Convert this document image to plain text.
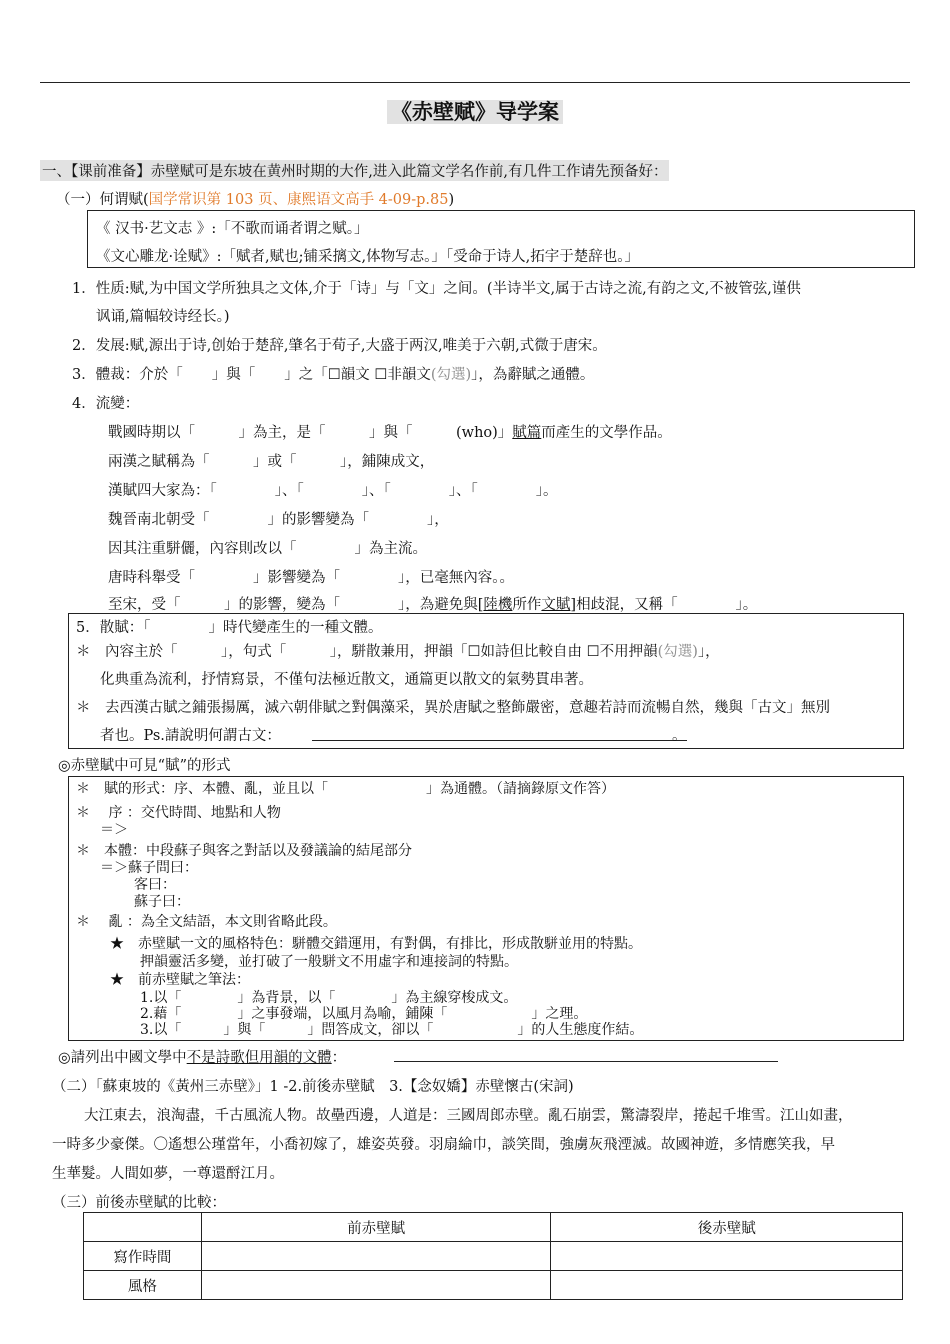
《赤壁赋》导学案
一、【课前准备】赤壁赋可是东坡在黄州时期的大作,进入此篇文学名作前,有几件工作请先预备好：
（一）何谓赋(国学常识第 103 页、康熙语文高手 4-09-p.85)
《 汉书·艺文志 》:「不歌而诵者谓之赋。」
《文心雕龙·诠赋》:「赋者,赋也;铺采摛文,体物写志。」「受命于诗人,拓宇于楚辞也。」
1．性质:赋,为中国文学所独具之文体,介于「诗」与「文」之间。(半诗半文,属于古诗之流,有韵之文,不被管弦,谨供
讽诵,篇幅较诗经长。)
2．发展:赋,源出于诗,创始于楚辞,肇名于荀子,大盛于两汉,唯美于六朝,式微于唐宋。
3．體裁：介於「　　」與「　　」之「☐韻文 ☐非韻文(勾選)」，為辭賦之通體。
4．流變：
戰國時期以「　　　」為主，是「　　　」與「　　　(who)」賦篇而產生的文學作品。
兩漢之賦稱為「　　　」或「　　　」，鋪陳成文，
漢賦四大家為：「　　　　」、「　　　　」、「　　　　」、「　　　　」。
魏晉南北朝受「　　　　」的影響變為「　　　　」，
因其注重駢儷，內容則改以「　　　　」為主流。
唐時科舉受「　　　　」影響變為「　　　　」，已毫無內容。。
至宋，受「　　　」的影響，變為「　　　　」，為避免與[陸機所作文賦]相歧混，又稱「　　　　」。
5．散賦：「　　　　」時代變產生的一種文體。
＊　內容主於「　　　」，句式「　　　」，駢散兼用，押韻「☐如詩但比較自由 ☐不用押韻(勾選)」，
化典重為流利，抒情寫景，不僅句法極近散文，通篇更以散文的氣勢貫串著。
＊　去西漢古賦之鋪張揚厲，滅六朝俳賦之對偶藻采，異於唐賦之整飾嚴密，意趣若詩而流暢自然，幾與「古文」無別
者也。Ps.請說明何謂古文：	。
◎赤壁賦中可見“賦”的形式
＊　賦的形式：序、本體、亂，並且以「　　　　　　　」為通體。（請摘錄原文作答）
＊　 序 ：交代時間、地點和人物
＝＞
＊　本體：中段蘇子與客之對話以及發議論的結尾部分
＝＞蘇子問曰：
客曰：
蘇子曰：
＊　 亂 ：為全文結語，本文則省略此段。
★　赤壁賦一文的風格特色：駢體交錯運用，有對偶，有排比，形成散駢並用的特點。
押韻靈活多變，並打破了一般駢文不用虛字和連接詞的特點。
★　前赤壁賦之筆法：
1.以「　　　　」為背景，以「　　　　」為主線穿梭成文。
2.藉「　　　　」之事發端，以風月為喻，鋪陳「　　　　　　」之理。
3.以「　　　」與「　　　」問答成文，卻以「　　　　　　」的人生態度作結。
◎請列出中國文學中不是詩歌但用韻的文體：
（二）「蘇東坡的《黃州三赤壁》」1 -2.前後赤壁賦　3.【念奴嬌】赤壁懷古(宋詞)
大江東去，浪淘盡，千古風流人物。故壘西邊，人道是：三國周郎赤壁。亂石崩雲，驚濤裂岸，捲起千堆雪。江山如畫，
一時多少豪傑。〇遙想公瑾當年，小喬初嫁了，雄姿英發。羽扇綸巾，談笑間，強虜灰飛湮滅。故國神遊，多情應笑我，早
生華髮。人間如夢，一尊還酹江月。
（三）前後赤壁賦的比較：
	前赤壁賦	後赤壁賦
寫作時間		
風格		
